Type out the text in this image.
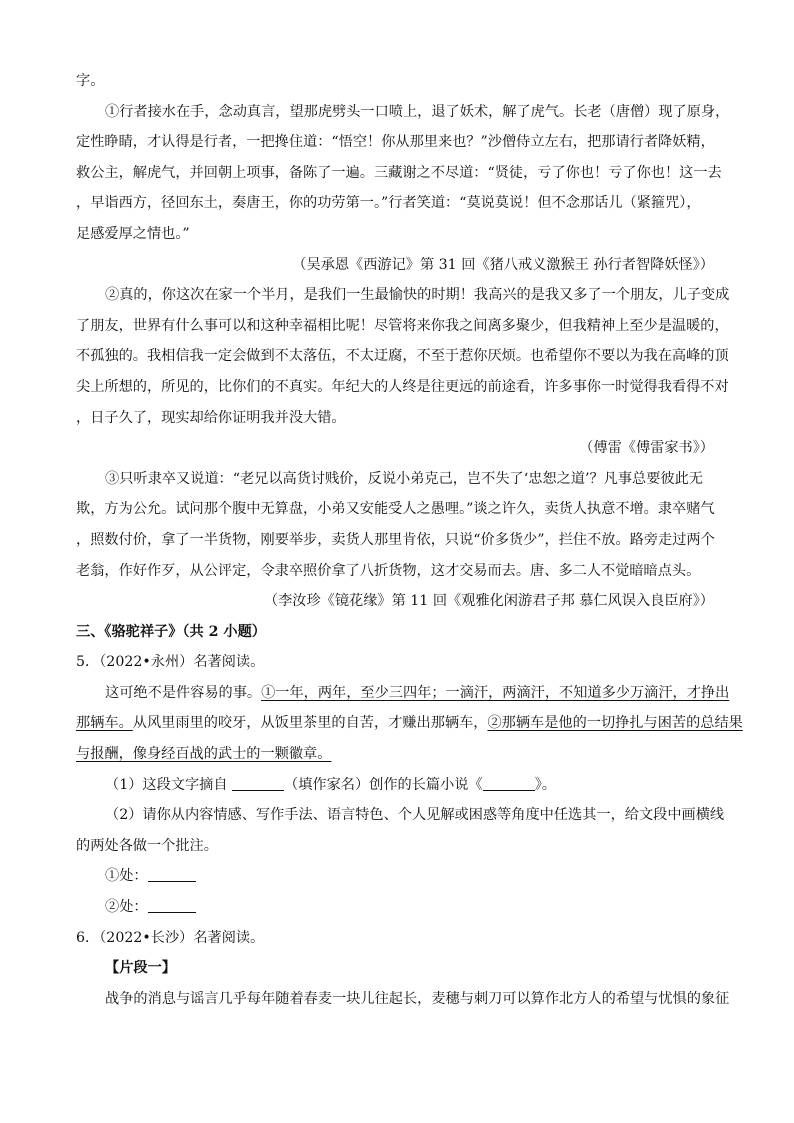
字。
①行者接水在手，念动真言，望那虎劈头一口喷上，退了妖术，解了虎气。长老（唐僧）现了原身，
定性睁睛，才认得是行者，一把搀住道：“悟空！你从那里来也？”沙僧侍立左右，把那请行者降妖精，
救公主，解虎气，并回朝上项事，备陈了一遍。三藏谢之不尽道：“贤徒，亏了你也！亏了你也！这一去
，早诣西方，径回东土，奏唐王，你的功劳第一。”行者笑道：“莫说莫说！但不念那话儿（紧箍咒），
足感爱厚之情也。”
（吴承恩《西游记》第 31 回《猪八戒义激猴王 孙行者智降妖怪》）
②真的，你这次在家一个半月，是我们一生最愉快的时期！我高兴的是我又多了一个朋友，儿子变成
了朋友，世界有什么事可以和这种幸福相比呢！尽管将来你我之间离多聚少，但我精神上至少是温暖的，
不孤独的。我相信我一定会做到不太落伍，不太迂腐，不至于惹你厌烦。也希望你不要以为我在高峰的顶
尖上所想的，所见的，比你们的不真实。年纪大的人终是往更远的前途看，许多事你一时觉得我看得不对
，日子久了，现实却给你证明我并没大错。
（傅雷《傅雷家书》）
③只听隶卒又说道：“老兄以高货讨贱价，反说小弟克己，岂不失了‘忠恕之道’？凡事总要彼此无
欺，方为公允。试问那个腹中无算盘，小弟又安能受人之愚哩。”谈之许久，卖货人执意不增。隶卒赌气
，照数付价，拿了一半货物，刚要举步，卖货人那里肯依，只说“价多货少”，拦住不放。路旁走过两个
老翁，作好作歹，从公评定，令隶卒照价拿了八折货物，这才交易而去。唐、多二人不觉暗暗点头。
（李汝珍《镜花缘》第 11 回《观雅化闲游君子邦 慕仁风误入良臣府》）
三、《骆驼祥子》（共 2 小题）
5．（2022•永州）名著阅读。
这可绝不是件容易的事。①一年，两年，至少三四年；一滴汗，两滴汗，不知道多少万滴汗，才挣出
那辆车。从风里雨里的咬牙，从饭里茶里的自苦，才赚出那辆车，②那辆车是他的一切挣扎与困苦的总结果
与报酬，像身经百战的武士的一颗徽章。
（1）这段文字摘自	（填作家名）创作的长篇小说《	》。
（2）请你从内容情感、写作手法、语言特色、个人见解或困惑等角度中任选其一，给文段中画横线
的两处各做一个批注。
①处：
②处：
6．（2022•长沙）名著阅读。
【片段一】
战争的消息与谣言几乎每年随着春麦一块儿往起长，麦穗与刺刀可以算作北方人的希望与忧惧的象征
